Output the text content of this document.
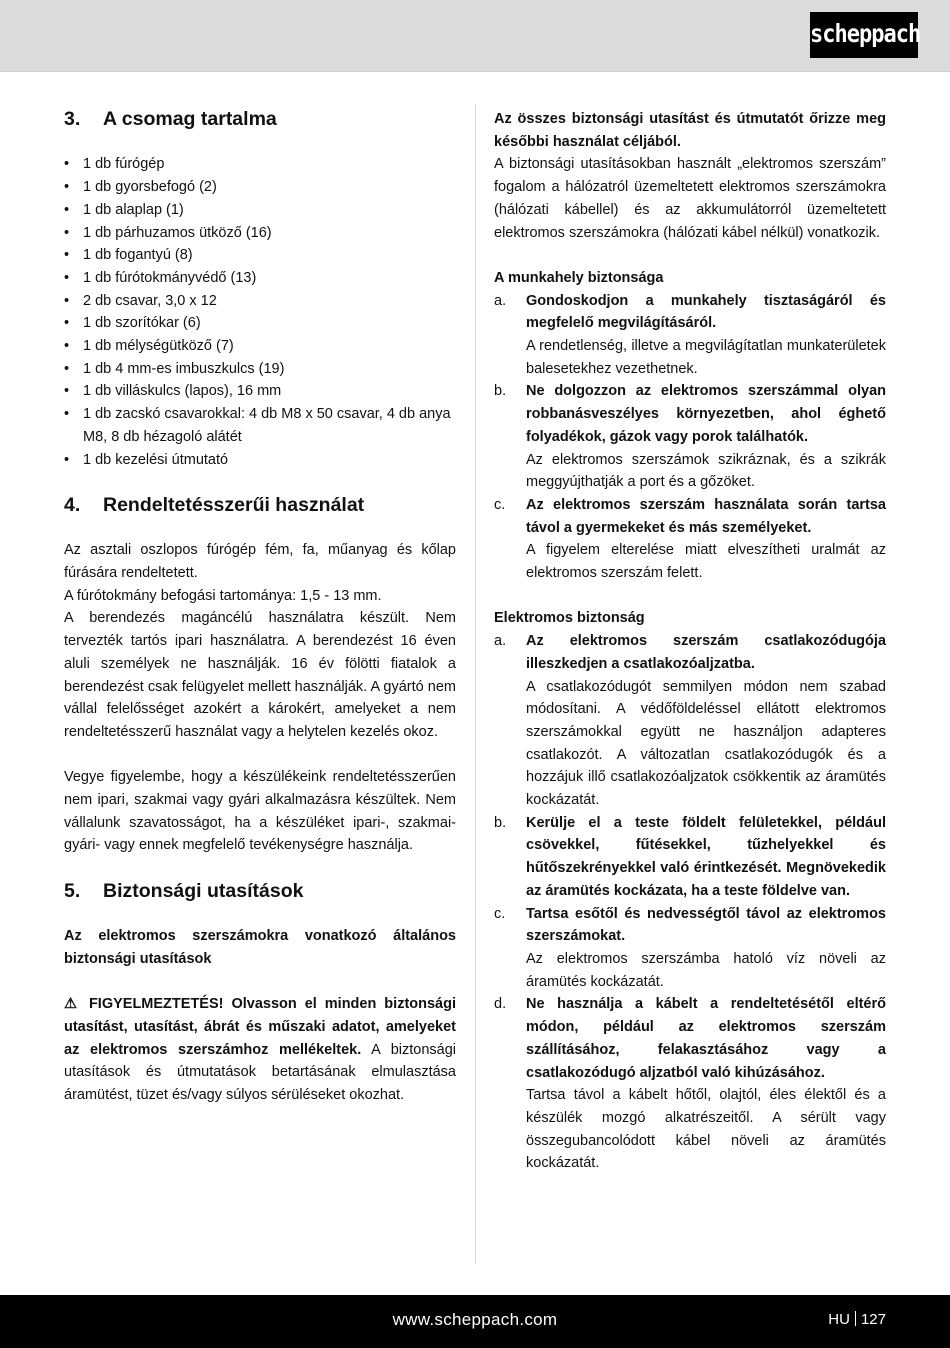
scheppach
3.	A csomag tartalma
• 1 db fúrógép
• 1 db gyorsbefogó (2)
• 1 db alaplap (1)
• 1 db párhuzamos ütköző (16)
• 1 db fogantyú (8)
• 1 db fúrótokmányvédő (13)
• 2 db csavar, 3,0 x 12
• 1 db szorítókar (6)
• 1 db mélységütköző (7)
• 1 db 4 mm-es imbuszkulcs (19)
• 1 db villáskulcs (lapos), 16 mm
• 1 db zacskó csavarokkal: 4 db M8 x 50 csavar, 4 db anya M8, 8 db hézagoló alátét
• 1 db kezelési útmutató
4.	Rendeltetésszerűi használat

Az asztali oszlopos fúrógép fém, fa, műanyag és kőlap fúrására rendeltetett.

A fúrótokmány befogási tartománya: 1,5 - 13 mm.

A berendezés magáncélú használatra készült. Nem tervezték tartós ipari használatra. A berendezést 16 éven aluli személyek ne használják. 16 év fölötti fiatalok a berendezést csak felügyelet mellett használják. A gyártó nem vállal felelősséget azokért a károkért, amelyeket a nem rendeltetésszerű használat vagy a helytelen kezelés okoz.

Vegye figyelembe, hogy a készülékeink rendeltetésszerűen nem ipari, szakmai vagy gyári alkalmazásra készültek. Nem vállalunk szavatosságot, ha a készüléket ipari-, szakmai- gyári- vagy ennek megfelelő tevékenységre használja.

5.	Biztonsági utasítások

Az elektromos szerszámokra vonatkozó általános biztonsági utasítások

⚠ FIGYELMEZTETÉS! Olvasson el minden biztonsági utasítást, utasítást, ábrát és műszaki adatot, amelyeket az elektromos szerszámhoz mellékeltek. A biztonsági utasítások és útmutatások betartásának elmulasztása áramütést, tüzet és/vagy súlyos sérüléseket okozhat.

Az összes biztonsági utasítást és útmutatót őrizze meg későbbi használat céljából.

A biztonsági utasításokban használt „elektromos szerszám” fogalom a hálózatról üzemeltetett elektromos szerszámokra (hálózati kábellel) és az akkumulátorról üzemeltetett elektromos szerszámokra (hálózati kábel nélkül) vonatkozik.

A munkahely biztonsága

a.	Gondoskodjon a munkahely tisztaságáról és megfelelő megvilágításáról.

A rendetlenség, illetve a megvilágítatlan munkaterületek balesetekhez vezethetnek.

b.	Ne dolgozzon az elektromos szerszámmal olyan robbanásveszélyes környezetben, ahol éghető folyadékok, gázok vagy porok találhatók.

Az elektromos szerszámok szikráznak, és a szikrák meggyújthatják a port és a gőzöket.

c.	Az elektromos szerszám használata során tartsa távol a gyermekeket és más személyeket.

A figyelem elterelése miatt elveszítheti uralmát az elektromos szerszám felett.

Elektromos biztonság

a.	Az elektromos szerszám csatlakozódugója illeszkedjen a csatlakozóaljzatba.

A csatlakozódugót semmilyen módon nem szabad módosítani. A védőföldeléssel ellátott elektromos szerszámokkal együtt ne használjon adapteres csatlakozót. A változatlan csatlakozódugók és a hozzájuk illő csatlakozóaljzatok csökkentik az áramütés kockázatát.

b.	Kerülje el a teste földelt felületekkel, például csövekkel, fűtésekkel, tűzhelyekkel és hűtőszekrényekkel való érintkezését. Megnövekedik az áramütés kockázata, ha a teste földelve van.

c.	Tartsa esőtől és nedvességtől távol az elektromos szerszámokat.

Az elektromos szerszámba hatoló víz növeli az áramütés kockázatát.

d.	Ne használja a kábelt a rendeltetésétől eltérő módon, például az elektromos szerszám szállításához, felakasztásához vagy a csatlakozódugó aljzatból való kihúzásához.

Tartsa távol a kábelt hőtől, olajtól, éles élektől és a készülék mozgó alkatrészeitől. A sérült vagy összegubancolódott kábel növeli az áramütés kockázatát.

www.scheppach.com	HU 127
